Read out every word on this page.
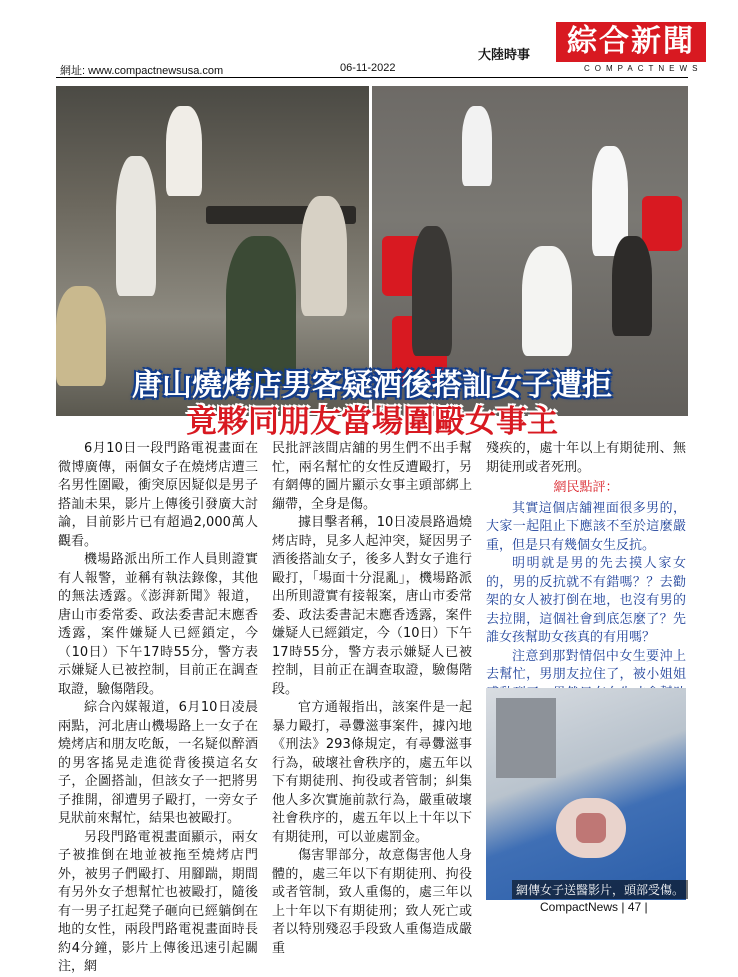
網址: www.compactnewsusa.com	06-11-2022
大陸時事	綜合新聞
COMPACTNEWS
唐山燒烤店男客疑酒後搭訕女子遭拒
竟夥同朋友當場圍毆女事主

6月10日一段門路電視畫面在微博廣傳，兩個女子在燒烤店遭三名男性圍毆，衝突原因疑似是男子搭訕未果，影片上傳後引發廣大討論，目前影片已有超過2,000萬人觀看。

機場路派出所工作人員則證實有人報警，並稱有執法錄像，其他的無法透露。《澎湃新聞》報道，唐山市委常委、政法委書記末應香透露，案件嫌疑人已經鎖定，今（10日）下午17時55分，警方表示嫌疑人已被控制，目前正在調查取證，驗傷階段。

綜合內媒報道，6月10日凌晨兩點，河北唐山機場路上一女子在燒烤店和朋友吃飯，一名疑似醉酒的男客搖晃走進從背後摸這名女子，企圖搭訕，但該女子一把將男子推開，卻遭男子毆打，一旁女子見狀前來幫忙，結果也被毆打。

另段門路電視畫面顯示，兩女子被推倒在地並被拖至燒烤店門外，被男子們毆打、用腳踹，期間有另外女子想幫忙也被毆打，隨後有一男子扛起凳子砸向已經躺倒在地的女性，兩段門路電視畫面時長約4分鐘，影片上傳後迅速引起關注，網

民批評該間店舖的男生們不出手幫忙，兩名幫忙的女性反遭毆打，另有網傳的圖片顯示女事主頭部綁上繃帶，全身是傷。

據目擊者稱，10日凌晨路過燒烤店時，見多人起沖突，疑因男子酒後搭訕女子，後多人對女子進行毆打，「場面十分混亂」，機場路派出所則證實有接報案，唐山市委常委、政法委書記末應香透露，案件嫌疑人已經鎖定，今（10日）下午17時55分，警方表示嫌疑人已被控制，目前正在調查取證，驗傷階段。

官方通報指出，該案件是一起暴力毆打，尋釁滋事案件，據內地《刑法》293條規定，有尋釁滋事行為，破壞社會秩序的，處五年以下有期徒刑、拘役或者管制；糾集他人多次實施前款行為，嚴重破壞社會秩序的，處五年以上十年以下有期徒刑，可以並處罰金。

傷害罪部分，故意傷害他人身體的，處三年以下有期徒刑、拘役或者管制，致人重傷的，處三年以上十年以下有期徒刑；致人死亡或者以特別殘忍手段致人重傷造成嚴重

殘疾的，處十年以上有期徒刑、無期徒刑或者死刑。

網民點評：

其實這個店舖裡面很多男的，大家一起阻止下應該不至於這麼嚴重，但是只有幾個女生反抗。

明明就是男的先去摸人家女的，男的反抗就不有錯嗎？？去勸架的女人被打倒在地，也沒有男的去拉開，這個社會到底怎麼了？先誰女孩幫助女孩真的有用嗎？

注意到那對情侶中女生要沖上去幫忙，男朋友拉住了，被小姐姐

網傳女子送醫影片，頭部受傷。
CompactNews | 47 |
